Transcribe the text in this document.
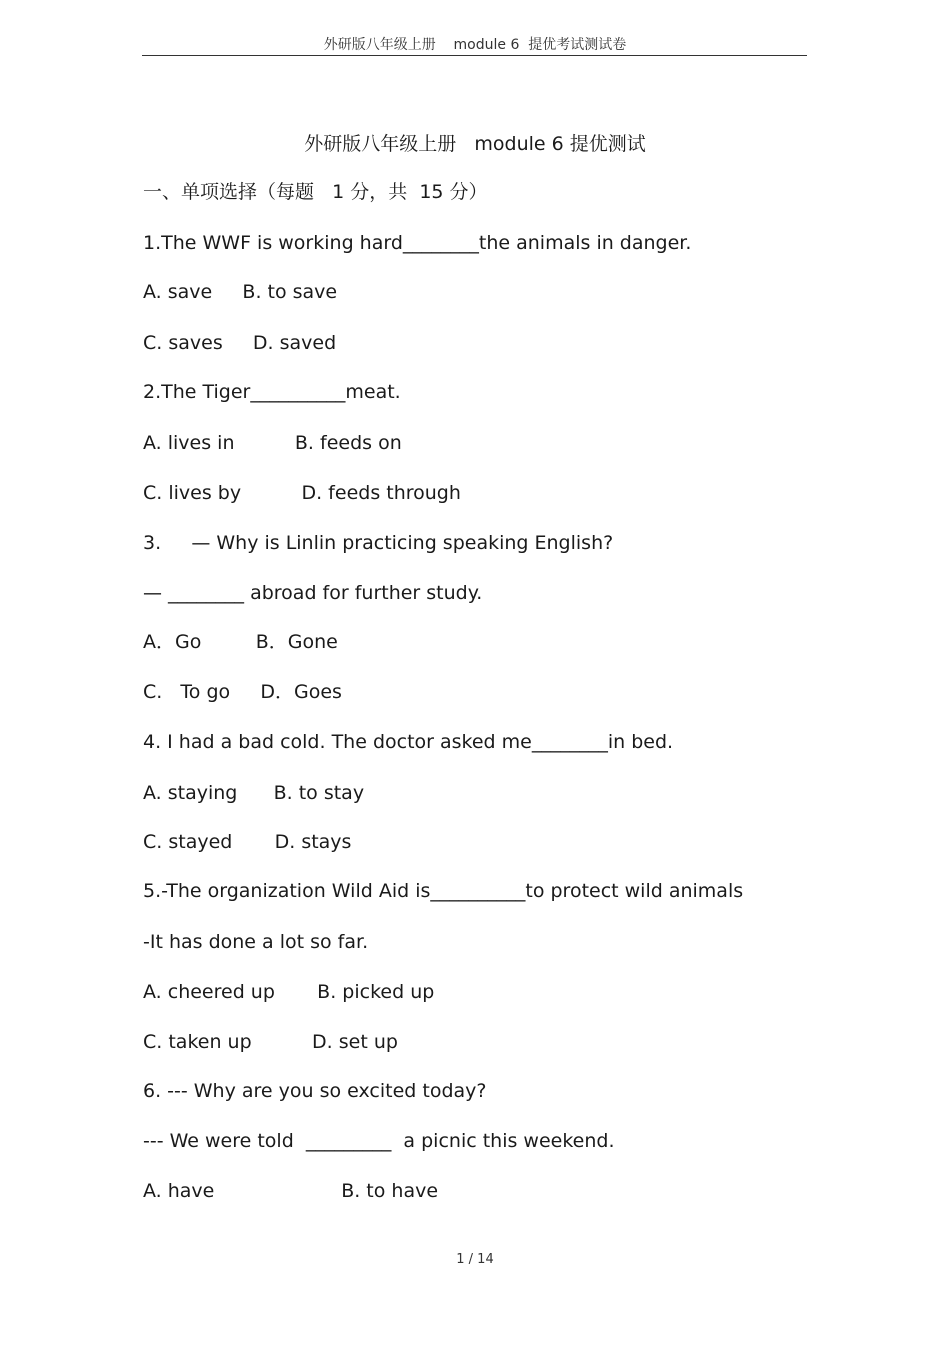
外研版八年级上册    module 6  提优考试测试卷
外研版八年级上册   module 6 提优测试
一、单项选择（每题   1 分，共  15 分）
1.The WWF is working hard________the animals in danger.
A. save     B. to save
C. saves     D. saved
2.The Tiger__________meat.
A. lives in          B. feeds on
C. lives by          D. feeds through
3.     — Why is Linlin practicing speaking English?
— ________ abroad for further study.
A．Go         B．Gone
C.   To go     D．Goes
4. I had a bad cold. The doctor asked me________in bed.
A. staying      B. to stay
C. stayed       D. stays
5.-The organization Wild Aid is__________to protect wild animals
-It has done a lot so far.
A. cheered up       B. picked up
C. taken up          D. set up
6. --- Why are you so excited today?
--- We were told  _________  a picnic this weekend.
A. have                     B. to have
1 / 14
